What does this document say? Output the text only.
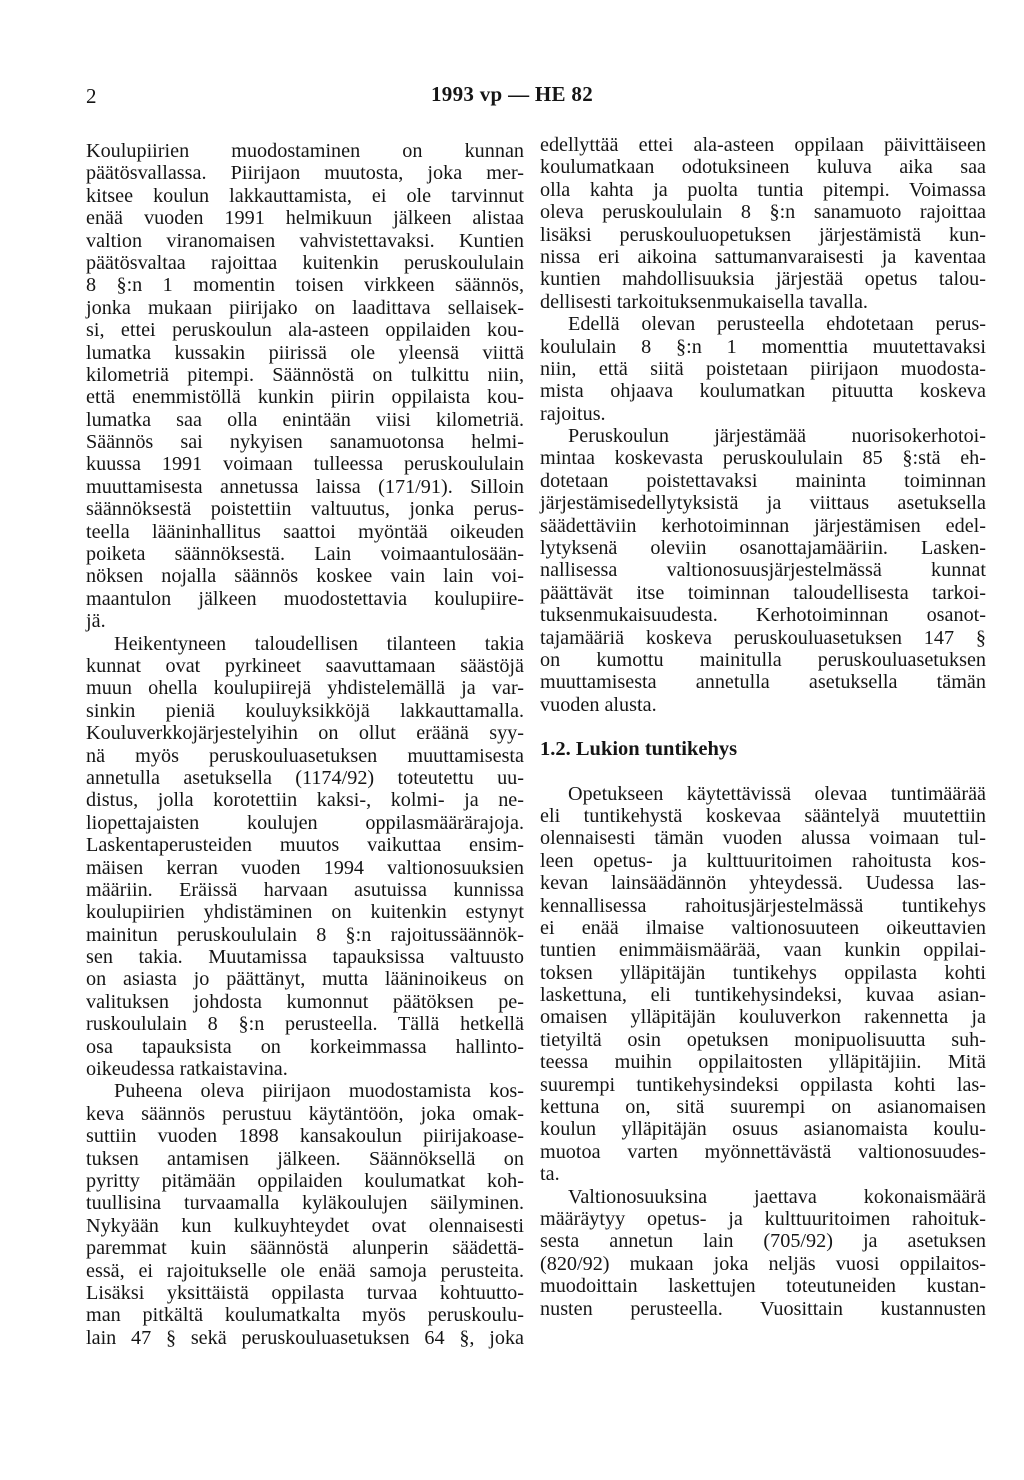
2	1993 vp — HE 82
Koulupiirien muodostaminen on kunnan
päätösvallassa. Piirijaon muutosta, joka mer-
kitsee koulun lakkauttamista, ei ole tarvinnut
enää vuoden 1991 helmikuun jälkeen alistaa
valtion viranomaisen vahvistettavaksi. Kuntien
päätösvaltaa rajoittaa kuitenkin peruskoululain
8 §:n 1 momentin toisen virkkeen säännös,
jonka mukaan piirijako on laadittava sellaisek-
si, ettei peruskoulun ala-asteen oppilaiden kou-
lumatka kussakin piirissä ole yleensä viittä
kilometriä pitempi. Säännöstä on tulkittu niin,
että enemmistöllä kunkin piirin oppilaista kou-
lumatka saa olla enintään viisi kilometriä.
Säännös sai nykyisen sanamuotonsa helmi-
kuussa 1991 voimaan tulleessa peruskoululain
muuttamisesta annetussa laissa (171/91). Silloin
säännöksestä poistettiin valtuutus, jonka perus-
teella lääninhallitus saattoi myöntää oikeuden
poiketa säännöksestä. Lain voimaantulosään-
nöksen nojalla säännös koskee vain lain voi-
maantulon jälkeen muodostettavia koulupiire-
jä.
Heikentyneen taloudellisen tilanteen takia
kunnat ovat pyrkineet saavuttamaan säästöjä
muun ohella koulupiirejä yhdistelemällä ja var-
sinkin pieniä kouluyksikköjä lakkauttamalla.
Kouluverkkojärjestelyihin on ollut eräänä syy-
nä myös peruskouluasetuksen muuttamisesta
annetulla asetuksella (1174/92) toteutettu uu-
distus, jolla korotettiin kaksi-, kolmi- ja ne-
liopettajaisten koulujen oppilasmäärärajoja.
Laskentaperusteiden muutos vaikuttaa ensim-
mäisen kerran vuoden 1994 valtionosuuksien
määriin. Eräissä harvaan asutuissa kunnissa
koulupiirien yhdistäminen on kuitenkin estynyt
mainitun peruskoululain 8 §:n rajoitussäännök-
sen takia. Muutamissa tapauksissa valtuusto
on asiasta jo päättänyt, mutta lääninoikeus on
valituksen johdosta kumonnut päätöksen pe-
ruskoululain 8 §:n perusteella. Tällä hetkellä
osa tapauksista on korkeimmassa hallinto-
oikeudessa ratkaistavina.
Puheena oleva piirijaon muodostamista kos-
keva säännös perustuu käytäntöön, joka omak-
suttiin vuoden 1898 kansakoulun piirijakoase-
tuksen antamisen jälkeen. Säännöksellä on
pyritty pitämään oppilaiden koulumatkat koh-
tuullisina turvaamalla kyläkoulujen säilyminen.
Nykyään kun kulkuyhteydet ovat olennaisesti
paremmat kuin säännöstä alunperin säädettä-
essä, ei rajoitukselle ole enää samoja perusteita.
Lisäksi yksittäistä oppilasta turvaa kohtuutto-
man pitkältä koulumatkalta myös peruskoulu-
lain 47 § sekä peruskouluasetuksen 64 §, joka
edellyttää ettei ala-asteen oppilaan päivittäiseen
koulumatkaan odotuksineen kuluva aika saa
olla kahta ja puolta tuntia pitempi. Voimassa
oleva peruskoululain 8 §:n sanamuoto rajoittaa
lisäksi peruskouluopetuksen järjestämistä kun-
nissa eri aikoina sattumanvaraisesti ja kaventaa
kuntien mahdollisuuksia järjestää opetus talou-
dellisesti tarkoituksenmukaisella tavalla.
Edellä olevan perusteella ehdotetaan perus-
koululain 8 §:n 1 momenttia muutettavaksi
niin, että siitä poistetaan piirijaon muodosta-
mista ohjaava koulumatkan pituutta koskeva
rajoitus.
Peruskoulun järjestämää nuorisokerhotoi-
mintaa koskevasta peruskoululain 85 §:stä eh-
dotetaan poistettavaksi maininta toiminnan
järjestämisedellytyksistä ja viittaus asetuksella
säädettäviin kerhotoiminnan järjestämisen edel-
lytyksenä oleviin osanottajamääriin. Lasken-
nallisessa valtionosuusjärjestelmässä kunnat
päättävät itse toiminnan taloudellisesta tarkoi-
tuksenmukaisuudesta. Kerhotoiminnan osanot-
tajamääriä koskeva peruskouluasetuksen 147 §
on kumottu mainitulla peruskouluasetuksen
muuttamisesta annetulla asetuksella tämän
vuoden alusta.
1.2. Lukion tuntikehys
Opetukseen käytettävissä olevaa tuntimäärää
eli tuntikehystä koskevaa sääntelyä muutettiin
olennaisesti tämän vuoden alussa voimaan tul-
leen opetus- ja kulttuuritoimen rahoitusta kos-
kevan lainsäädännön yhteydessä. Uudessa las-
kennallisessa rahoitusjärjestelmässä tuntikehys
ei enää ilmaise valtionosuuteen oikeuttavien
tuntien enimmäismäärää, vaan kunkin oppilai-
toksen ylläpitäjän tuntikehys oppilasta kohti
laskettuna, eli tuntikehysindeksi, kuvaa asian-
omaisen ylläpitäjän kouluverkon rakennetta ja
tietyiltä osin opetuksen monipuolisuutta suh-
teessa muihin oppilaitosten ylläpitäjiin. Mitä
suurempi tuntikehysindeksi oppilasta kohti las-
kettuna on, sitä suurempi on asianomaisen
koulun ylläpitäjän osuus asianomaista koulu-
muotoa varten myönnettävästä valtionosuudes-
ta.
Valtionosuuksina jaettava kokonaismäärä
määräytyy opetus- ja kulttuuritoimen rahoituk-
sesta annetun lain (705/92) ja asetuksen
(820/92) mukaan joka neljäs vuosi oppilaitos-
muodoittain laskettujen toteutuneiden kustan-
nusten perusteella. Vuosittain kustannusten
